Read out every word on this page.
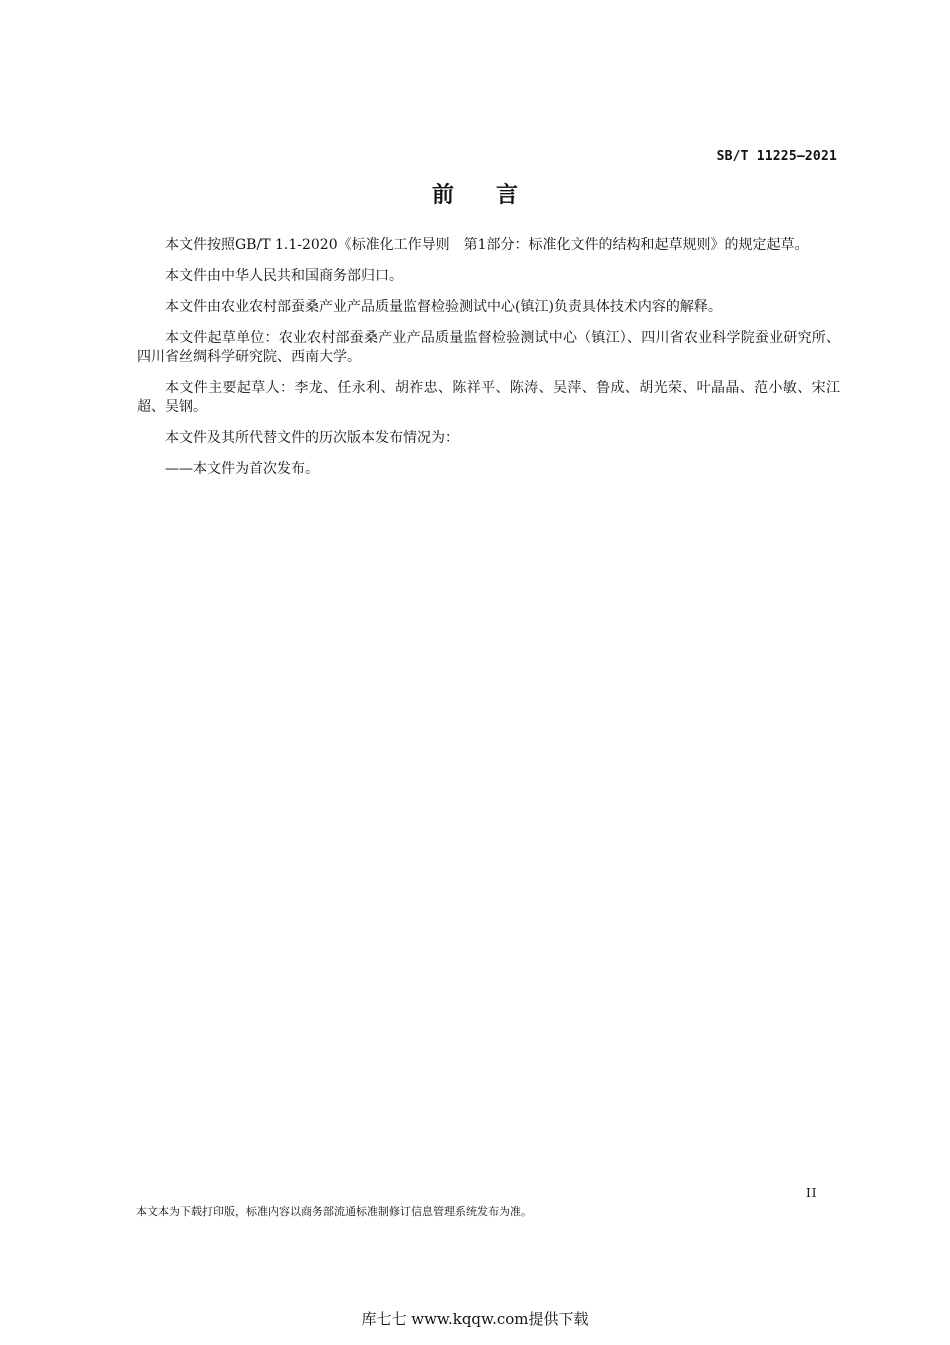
SB/T 11225—2021
前言

本文件按照GB/T 1.1-2020《标准化工作导则　第1部分：标准化文件的结构和起草规则》的规定起草。

本文件由中华人民共和国商务部归口。

本文件由农业农村部蚕桑产业产品质量监督检验测试中心(镇江)负责具体技术内容的解释。

本文件起草单位：农业农村部蚕桑产业产品质量监督检验测试中心（镇江）、四川省农业科学院蚕业研究所、四川省丝绸科学研究院、西南大学。

本文件主要起草人：李龙、任永利、胡祚忠、陈祥平、陈涛、吴萍、鲁成、胡光荣、叶晶晶、范小敏、宋江超、吴钢。

本文件及其所代替文件的历次版本发布情况为：

——本文件为首次发布。

II
本文本为下载打印版，标准内容以商务部流通标准制修订信息管理系统发布为准。
库七七 www.kqqw.com提供下载
